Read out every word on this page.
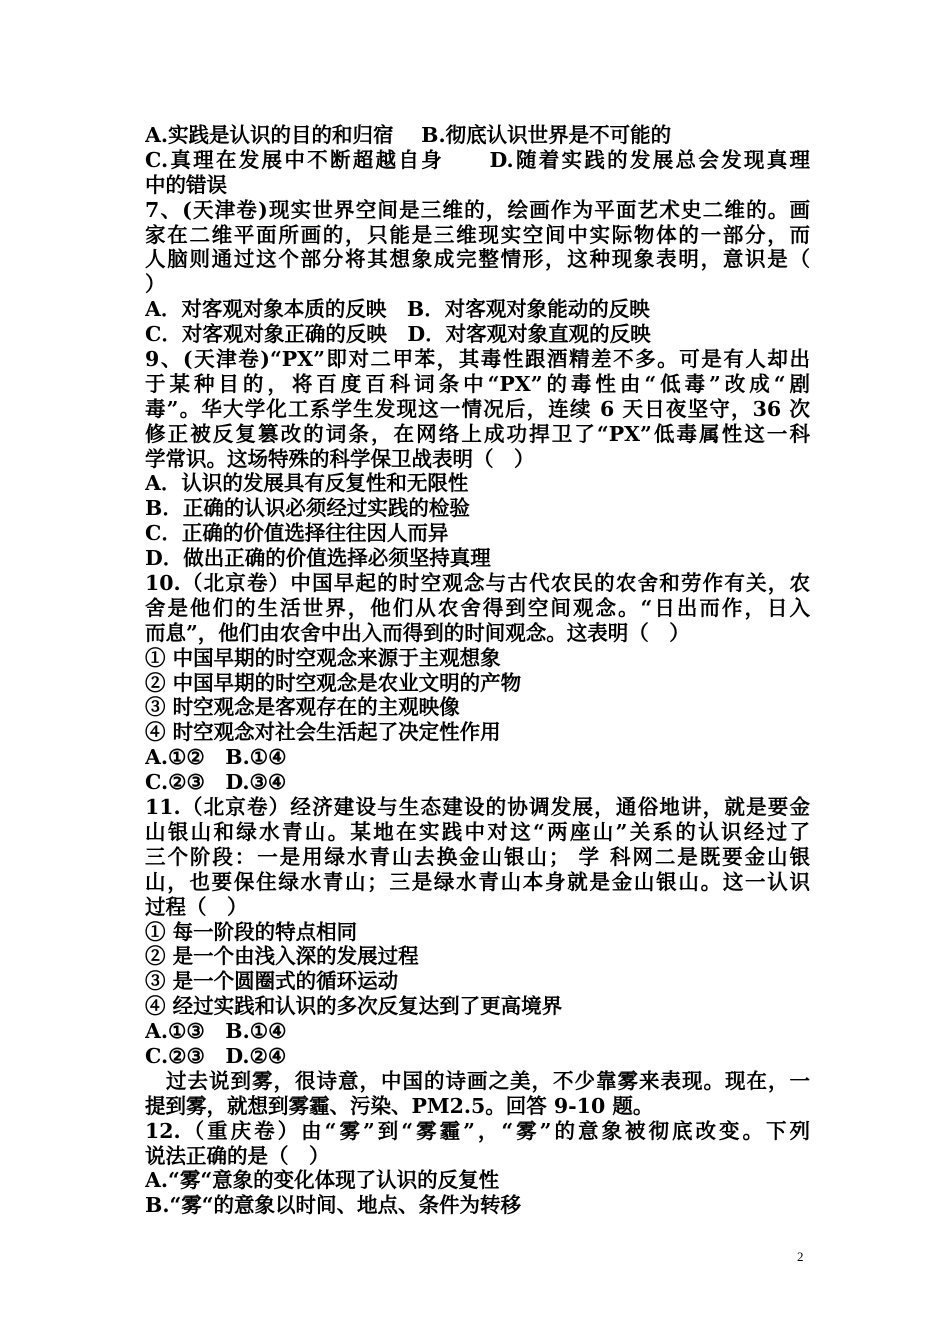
A.实践是认识的目的和归宿　 B.彻底认识世界是不可能的
C.真理在发展中不断超越自身　　D.随着实践的发展总会发现真理
中的错误
7、(天津卷)现实世界空间是三维的，绘画作为平面艺术史二维的。画
家在二维平面所画的，只能是三维现实空间中实际物体的一部分，而
人脑则通过这个部分将其想象成完整情形，这种现象表明，意识是（
）
A．对客观对象本质的反映　B．对客观对象能动的反映
C．对客观对象正确的反映　D．对客观对象直观的反映
9、(天津卷)“PX”即对二甲苯，其毒性跟酒精差不多。可是有人却出
于某种目的，将百度百科词条中“PX”的毒性由“低毒”改成“剧
毒”。华大学化工系学生发现这一情况后，连续 6 天日夜坚守，36 次
修正被反复篡改的词条，在网络上成功捍卫了“PX”低毒属性这一科
学常识。这场特殊的科学保卫战表明（　）
A．认识的发展具有反复性和无限性
B．正确的认识必须经过实践的检验
C．正确的价值选择往往因人而异
D．做出正确的价值选择必须坚持真理
10.（北京卷）中国早起的时空观念与古代农民的农舍和劳作有关，农
舍是他们的生活世界，他们从农舍得到空间观念。“日出而作，日入
而息”，他们由农舍中出入而得到的时间观念。这表明（　）
① 中国早期的时空观念来源于主观想象
② 中国早期的时空观念是农业文明的产物
③ 时空观念是客观存在的主观映像
④ 时空观念对社会生活起了决定性作用
A.①②　B.①④
C.②③　D.③④
11.（北京卷）经济建设与生态建设的协调发展，通俗地讲，就是要金
山银山和绿水青山。某地在实践中对这“两座山”关系的认识经过了
三个阶段：一是用绿水青山去换金山银山； 学 科网二是既要金山银
山，也要保住绿水青山；三是绿水青山本身就是金山银山。这一认识
过程（　）
① 每一阶段的特点相同
② 是一个由浅入深的发展过程
③ 是一个圆圈式的循环运动
④ 经过实践和认识的多次反复达到了更高境界
A.①③　B.①④
C.②③　D.②④
过去说到雾，很诗意，中国的诗画之美，不少靠雾来表现。现在，一
提到雾，就想到雾霾、污染、PM2.5。回答 9-10 题。
12.（重庆卷）由“雾”到“雾霾”，“雾”的意象被彻底改变。下列
说法正确的是（　）
A.“雾“意象的变化体现了认识的反复性
B.“雾“的意象以时间、地点、条件为转移
2
